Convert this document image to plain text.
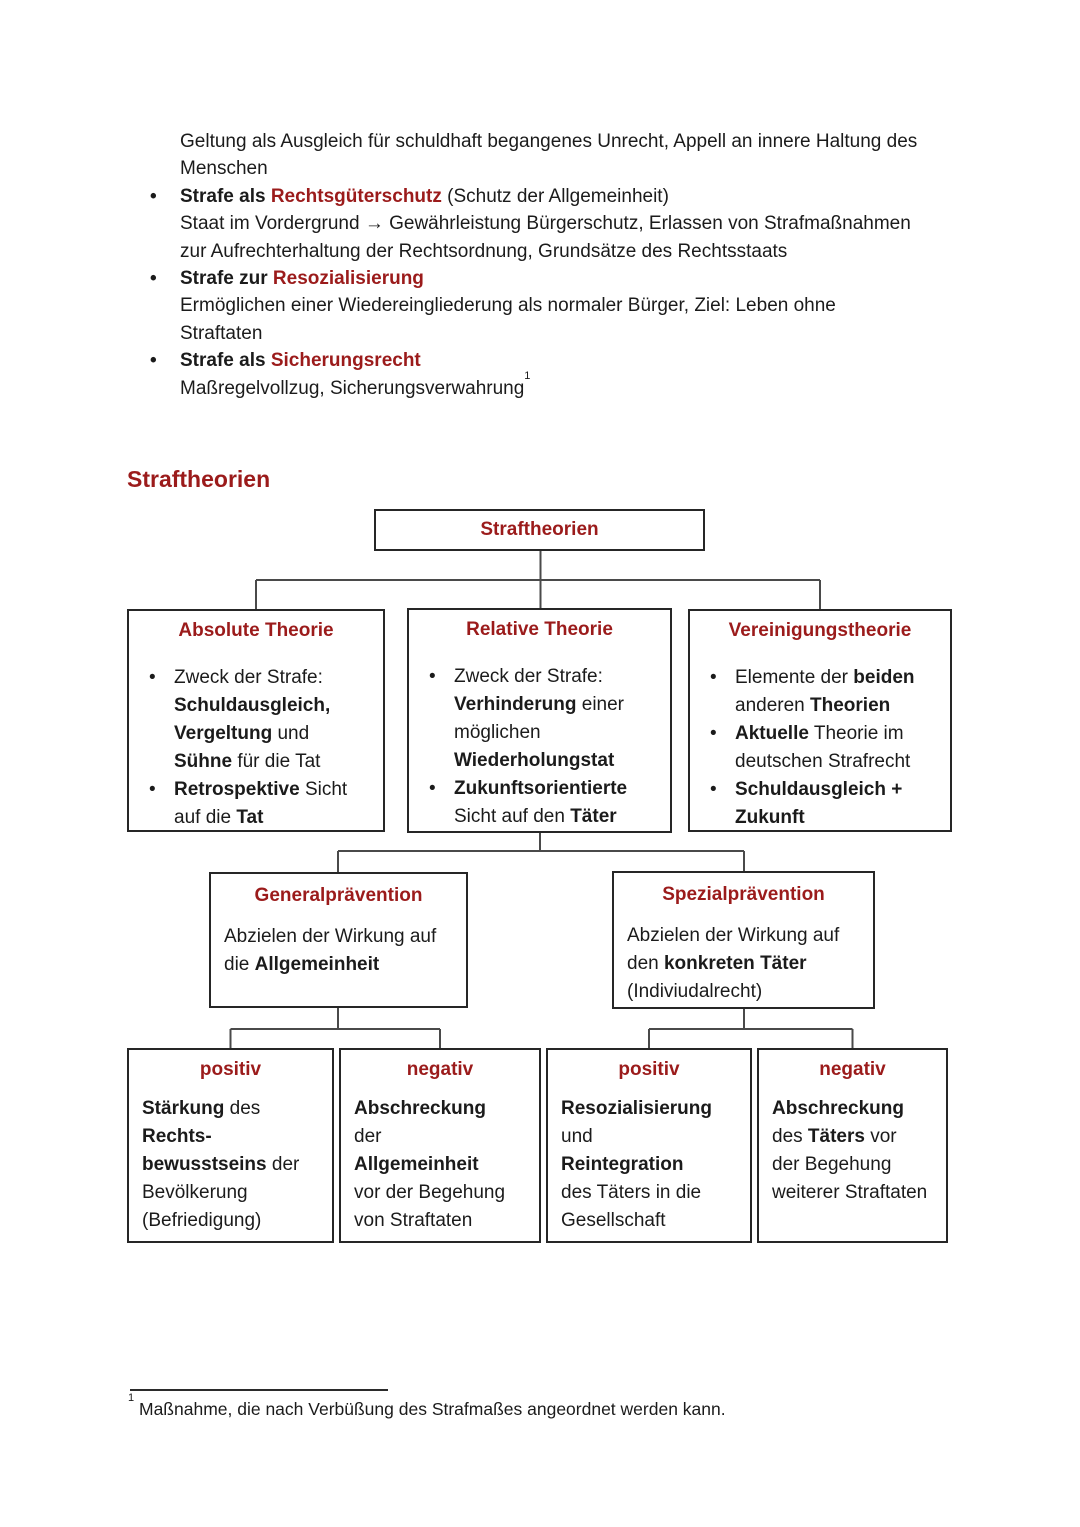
Geltung als Ausgleich für schuldhaft begangenes Unrecht, Appell an innere Haltung des
Menschen
• Strafe als Rechtsgüterschutz (Schutz der Allgemeinheit)
Staat im Vordergrund → Gewährleistung Bürgerschutz, Erlassen von Strafmaßnahmen
zur Aufrechterhaltung der Rechtsordnung, Grundsätze des Rechtsstaats
• Strafe zur Resozialisierung
Ermöglichen einer Wiedereingliederung als normaler Bürger, Ziel: Leben ohne
Straftaten
• Strafe als Sicherungsrecht
Maßregelvollzug, Sicherungsverwahrung$^1$
Straftheorien
Straftheorien
Absolute Theorie
• Zweck der Strafe:
Schuldausgleich,
Vergeltung und
Sühne für die Tat
• Retrospektive Sicht
auf die Tat
Relative Theorie
• Zweck der Strafe:
Verhinderung einer
möglichen
Wiederholungstat
• Zukunftsorientierte
Sicht auf den Täter
Vereinigungstheorie
• Elemente der beiden
anderen Theorien
• Aktuelle Theorie im
deutschen Strafrecht
• Schuldausgleich +
Zukunft
Generalprävention
Abzielen der Wirkung auf
die Allgemeinheit
Spezialprävention
Abzielen der Wirkung auf
den konkreten Täter
(Indiviudalrecht)
positiv
Stärkung des
Rechts-
bewusstseins der
Bevölkerung
(Befriedigung)
negativ
Abschreckung
der
Allgemeinheit
vor der Begehung
von Straftaten
positiv
Resozialisierung
und
Reintegration
des Täters in die
Gesellschaft
negativ
Abschreckung
des Täters vor
der Begehung
weiterer Straftaten
$^1$ Maßnahme, die nach Verbüßung des Strafmaßes angeordnet werden kann.
